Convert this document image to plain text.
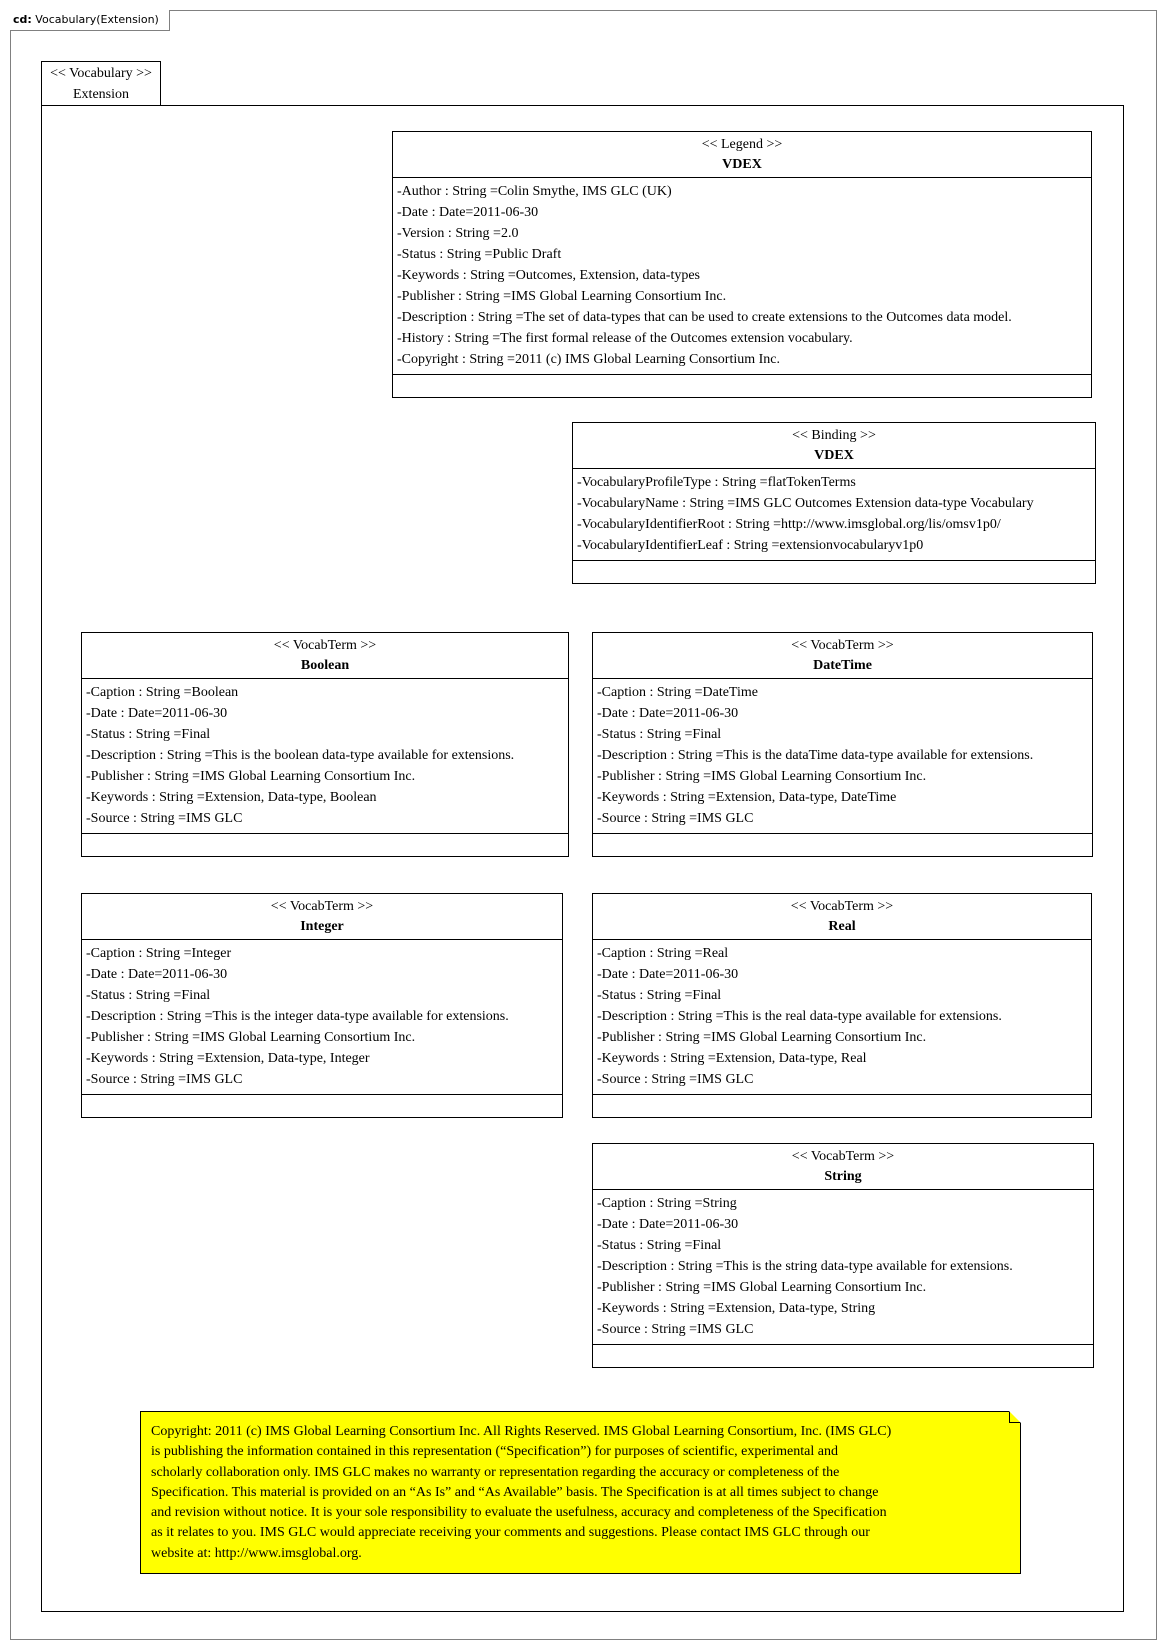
cd: Vocabulary(Extension)
<< Vocabulary >>
Extension
<< Legend >>
VDEX
-Author : String =Colin Smythe, IMS GLC (UK)
-Date : Date=2011-06-30
-Version : String =2.0
-Status : String =Public Draft
-Keywords : String =Outcomes, Extension, data-types
-Publisher : String =IMS Global Learning Consortium Inc.
-Description : String =The set of data-types that can be used to create extensions to the Outcomes data model.
-History : String =The first formal release of the Outcomes extension vocabulary.
-Copyright : String =2011 (c) IMS Global Learning Consortium Inc.
<< Binding >>
VDEX
-VocabularyProfileType : String =flatTokenTerms
-VocabularyName : String =IMS GLC Outcomes Extension data-type Vocabulary
-VocabularyIdentifierRoot : String =http://www.imsglobal.org/lis/omsv1p0/
-VocabularyIdentifierLeaf : String =extensionvocabularyv1p0
<< VocabTerm >>
Boolean
-Caption : String =Boolean
-Date : Date=2011-06-30
-Status : String =Final
-Description : String =This is the boolean data-type available for extensions.
-Publisher : String =IMS Global Learning Consortium Inc.
-Keywords : String =Extension, Data-type, Boolean
-Source : String =IMS GLC
<< VocabTerm >>
DateTime
-Caption : String =DateTime
-Date : Date=2011-06-30
-Status : String =Final
-Description : String =This is the dataTime data-type available for extensions.
-Publisher : String =IMS Global Learning Consortium Inc.
-Keywords : String =Extension, Data-type, DateTime
-Source : String =IMS GLC
<< VocabTerm >>
Integer
-Caption : String =Integer
-Date : Date=2011-06-30
-Status : String =Final
-Description : String =This is the integer data-type available for extensions.
-Publisher : String =IMS Global Learning Consortium Inc.
-Keywords : String =Extension, Data-type, Integer
-Source : String =IMS GLC
<< VocabTerm >>
Real
-Caption : String =Real
-Date : Date=2011-06-30
-Status : String =Final
-Description : String =This is the real data-type available for extensions.
-Publisher : String =IMS Global Learning Consortium Inc.
-Keywords : String =Extension, Data-type, Real
-Source : String =IMS GLC
<< VocabTerm >>
String
-Caption : String =String
-Date : Date=2011-06-30
-Status : String =Final
-Description : String =This is the string data-type available for extensions.
-Publisher : String =IMS Global Learning Consortium Inc.
-Keywords : String =Extension, Data-type, String
-Source : String =IMS GLC
Copyright: 2011 (c) IMS Global Learning Consortium Inc. All Rights Reserved. IMS Global Learning Consortium, Inc. (IMS GLC)
is publishing the information contained in this representation (“Specification”) for purposes of scientific, experimental and
scholarly collaboration only. IMS GLC makes no warranty or representation regarding the accuracy or completeness of the
Specification. This material is provided on an “As Is” and “As Available” basis. The Specification is at all times subject to change
and revision without notice. It is your sole responsibility to evaluate the usefulness, accuracy and completeness of the Specification
as it relates to you. IMS GLC would appreciate receiving your comments and suggestions. Please contact IMS GLC through our
website at: http://www.imsglobal.org.
